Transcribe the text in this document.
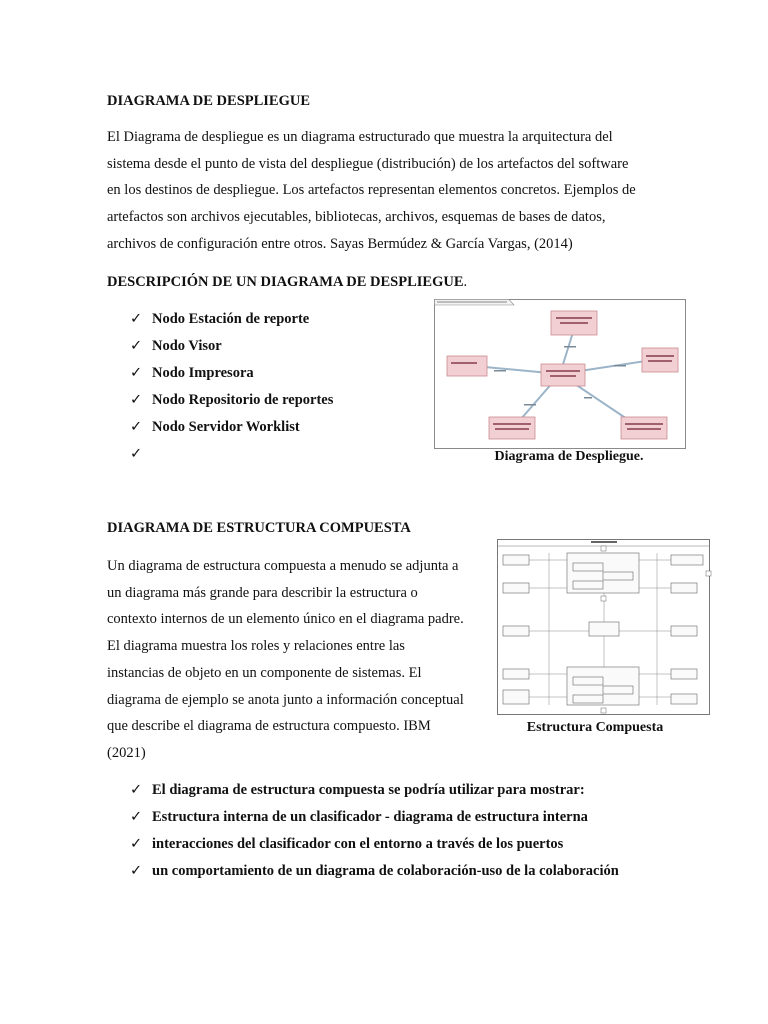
DIAGRAMA DE DESPLIEGUE
El Diagrama de despliegue es un diagrama estructurado que muestra la arquitectura del
sistema desde el punto de vista del despliegue (distribución) de los artefactos del software
en los destinos de despliegue. Los artefactos representan elementos concretos. Ejemplos de
artefactos son archivos ejecutables, bibliotecas, archivos, esquemas de bases de datos,
archivos de configuración entre otros. Sayas Bermúdez & García Vargas, (2014)
DESCRIPCIÓN DE UN DIAGRAMA DE DESPLIEGUE.
✓ Nodo Estación de reporte
✓ Nodo Visor
✓ Nodo Impresora
✓ Nodo Repositorio de reportes
✓ Nodo Servidor Worklist
✓	Diagrama de Despliegue.
DIAGRAMA DE ESTRUCTURA COMPUESTA
Un diagrama de estructura compuesta a menudo se adjunta a
un diagrama más grande para describir la estructura o
contexto internos de un elemento único en el diagrama padre.
El diagrama muestra los roles y relaciones entre las
instancias de objeto en un componente de sistemas. El
diagrama de ejemplo se anota junto a información conceptual
que describe el diagrama de estructura compuesto. IBM
(2021)
Estructura Compuesta
✓ El diagrama de estructura compuesta se podría utilizar para mostrar:
✓ Estructura interna de un clasificador - diagrama de estructura interna
✓ interacciones del clasificador con el entorno a través de los puertos
✓ un comportamiento de un diagrama de colaboración-uso de la colaboración
